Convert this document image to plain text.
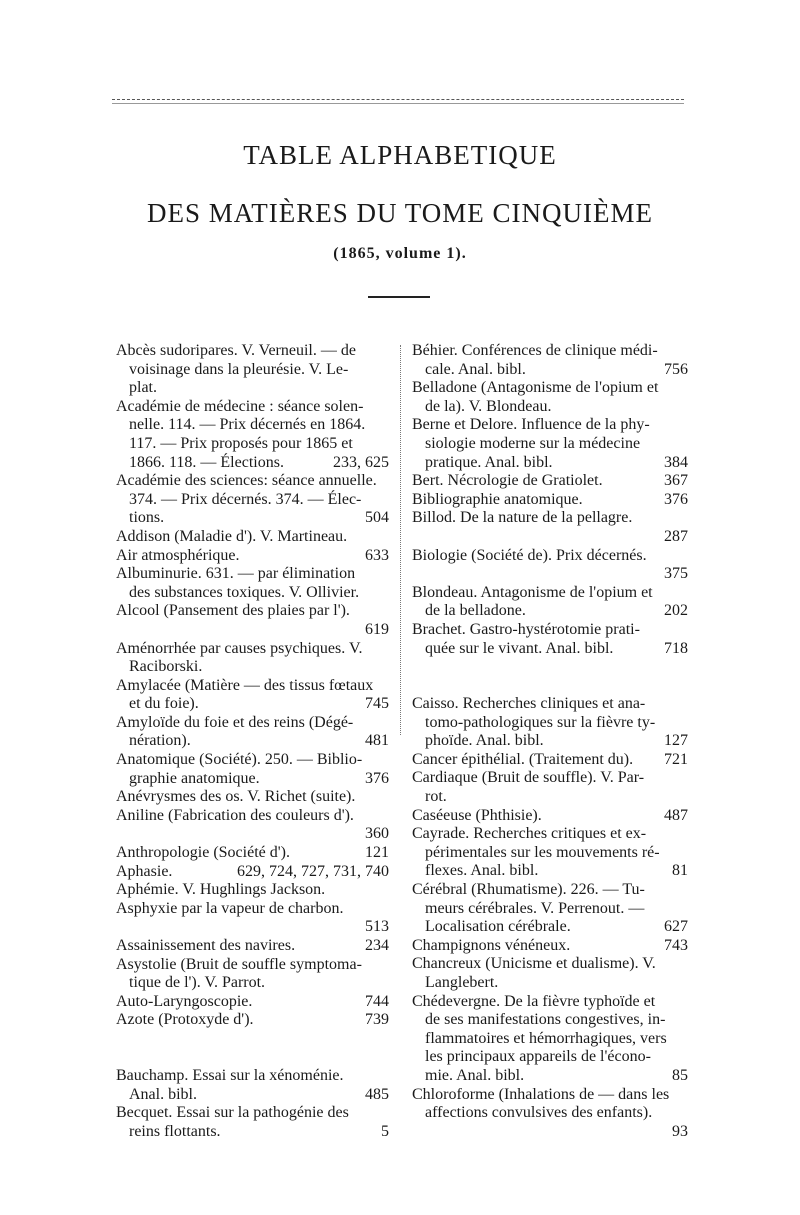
TABLE ALPHABETIQUE
DES MATIÈRES DU TOME CINQUIÈME
(1865, volume 1).
Abcès sudoripares. V. Verneuil. — de
voisinage dans la pleurésie. V. Le-
plat.
Académie de médecine : séance solen-
nelle. 114. — Prix décernés en 1864.
117. — Prix proposés pour 1865 et
1866. 118. — Élections.	233, 625
Académie des sciences: séance annuelle.
374. — Prix décernés. 374. — Élec-
tions.	504
Addison (Maladie d'). V. Martineau.
Air atmosphérique.	633
Albuminurie. 631. — par élimination
des substances toxiques. V. Ollivier.
Alcool (Pansement des plaies par l').
619
Aménorrhée par causes psychiques. V.
Raciborski.
Amylacée (Matière — des tissus fœtaux
et du foie).	745
Amyloïde du foie et des reins (Dégé-
nération).	481
Anatomique (Société). 250. — Biblio-
graphie anatomique.	376
Anévrysmes des os. V. Richet (suite).
Aniline (Fabrication des couleurs d').
360
Anthropologie (Société d').	121
Aphasie.	629, 724, 727, 731, 740
Aphémie. V. Hughlings Jackson.
Asphyxie par la vapeur de charbon.
513
Assainissement des navires.	234
Asystolie (Bruit de souffle symptoma-
tique de l'). V. Parrot.
Auto-Laryngoscopie.	744
Azote (Protoxyde d').	739
Bauchamp. Essai sur la xénoménie.
Anal. bibl.	485
Becquet. Essai sur la pathogénie des
reins flottants.	5
Béhier. Conférences de clinique médi-
cale. Anal. bibl.	756
Belladone (Antagonisme de l'opium et
de la). V. Blondeau.
Berne et Delore. Influence de la phy-
siologie moderne sur la médecine
pratique. Anal. bibl.	384
Bert. Nécrologie de Gratiolet.	367
Bibliographie anatomique.	376
Billod. De la nature de la pellagre.
287
Biologie (Société de). Prix décernés.
375
Blondeau. Antagonisme de l'opium et
de la belladone.	202
Brachet. Gastro-hystérotomie prati-
quée sur le vivant. Anal. bibl.	718
Caisso. Recherches cliniques et ana-
tomo-pathologiques sur la fièvre ty-
phoïde. Anal. bibl.	127
Cancer épithélial. (Traitement du).	721
Cardiaque (Bruit de souffle). V. Par-
rot.
Caséeuse (Phthisie).	487
Cayrade. Recherches critiques et ex-
périmentales sur les mouvements ré-
flexes. Anal. bibl.	81
Cérébral (Rhumatisme). 226. — Tu-
meurs cérébrales. V. Perrenout. —
Localisation cérébrale.	627
Champignons vénéneux.	743
Chancreux (Unicisme et dualisme). V.
Langlebert.
Chédevergne. De la fièvre typhoïde et
de ses manifestations congestives, in-
flammatoires et hémorrhagiques, vers
les principaux appareils de l'écono-
mie. Anal. bibl.	85
Chloroforme (Inhalations de — dans les
affections convulsives des enfants).
93
